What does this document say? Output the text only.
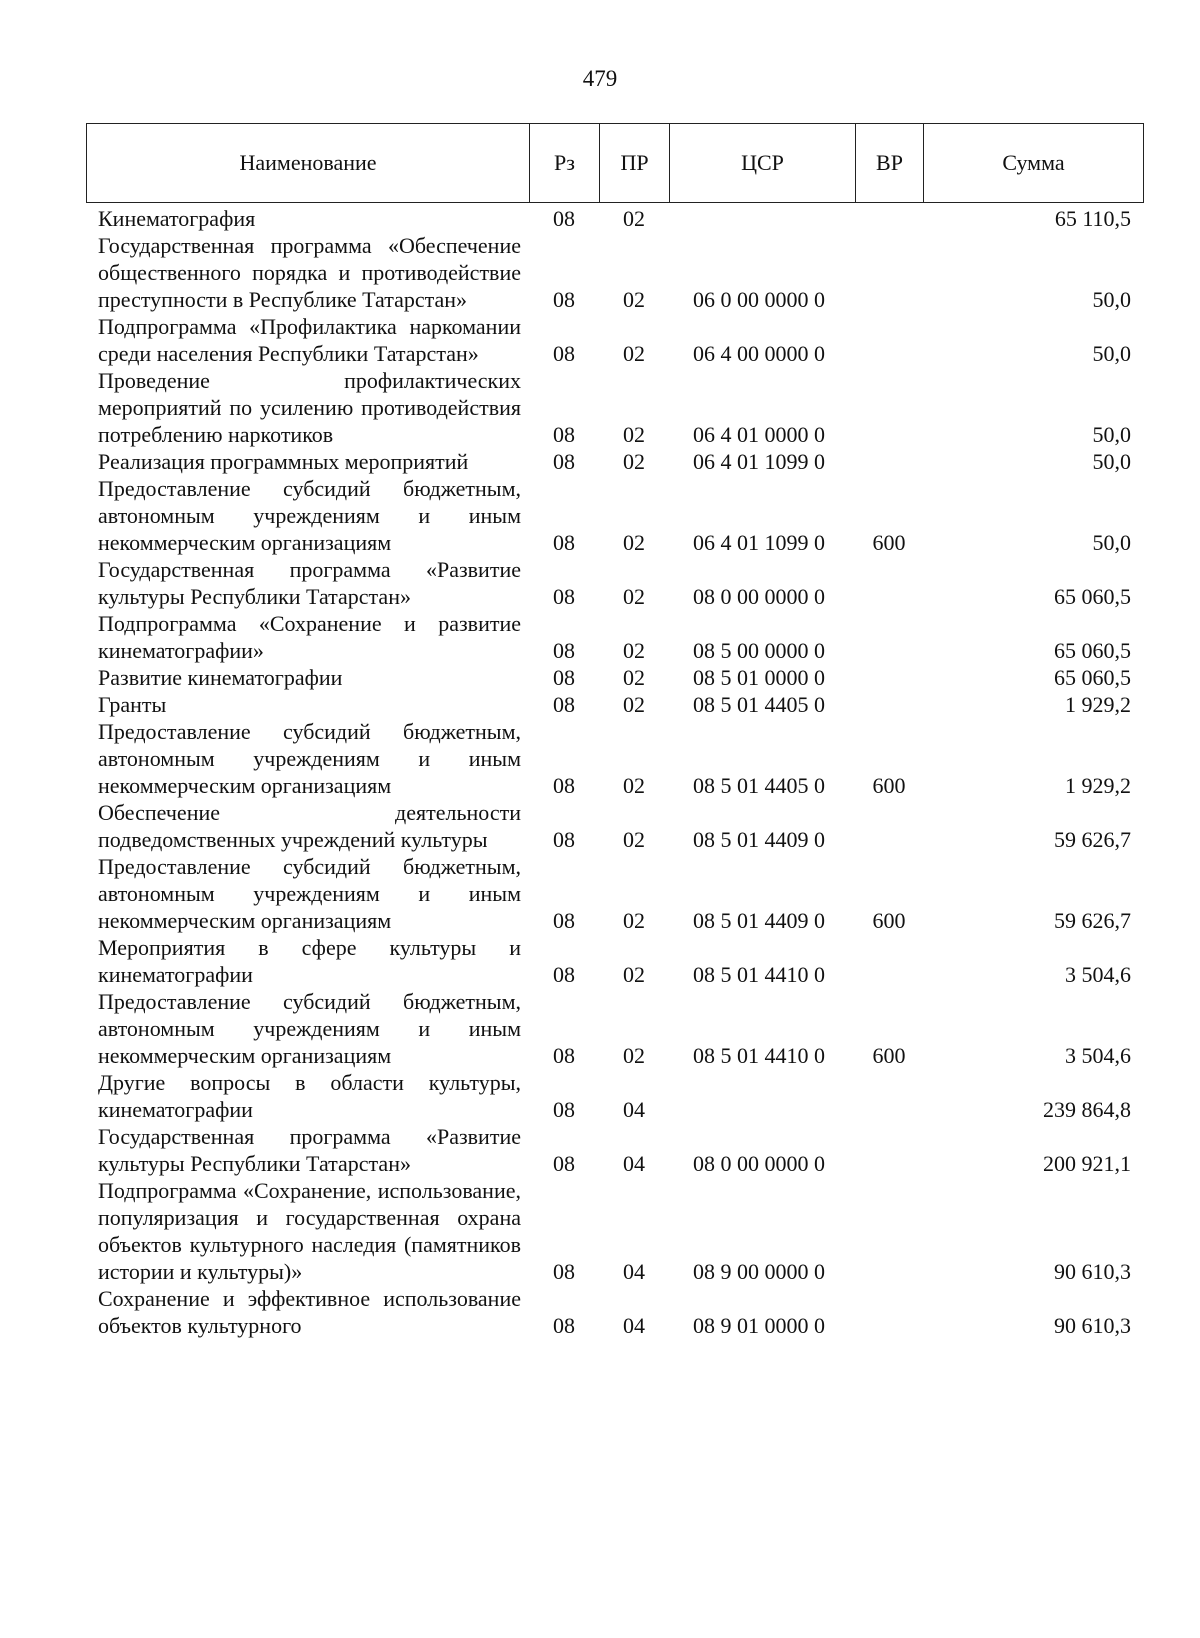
479
Наименование	Рз	ПР	ЦСР	ВР	Сумма
Кинематография	08	02			65 110,5
Государственная программа «Обеспечение общественного порядка и противодействие преступности в Республике Татарстан»	08	02	06 0 00 0000 0		50,0
Подпрограмма «Профилактика наркомании среди населения Республики Татарстан»	08	02	06 4 00 0000 0		50,0
Проведение профилактических мероприятий по усилению противодействия потреблению наркотиков	08	02	06 4 01 0000 0		50,0
Реализация программных мероприятий	08	02	06 4 01 1099 0		50,0
Предоставление субсидий бюджетным, автономным учреждениям и иным некоммерческим организациям	08	02	06 4 01 1099 0	600	50,0
Государственная программа «Развитие культуры Республики Татарстан»	08	02	08 0 00 0000 0		65 060,5
Подпрограмма «Сохранение и развитие кинематографии»	08	02	08 5 00 0000 0		65 060,5
Развитие кинематографии	08	02	08 5 01 0000 0		65 060,5
Гранты	08	02	08 5 01 4405 0		1 929,2
Предоставление субсидий бюджетным, автономным учреждениям и иным некоммерческим организациям	08	02	08 5 01 4405 0	600	1 929,2
Обеспечение деятельности подведомственных учреждений культуры	08	02	08 5 01 4409 0		59 626,7
Предоставление субсидий бюджетным, автономным учреждениям и иным некоммерческим организациям	08	02	08 5 01 4409 0	600	59 626,7
Мероприятия в сфере культуры и кинематографии	08	02	08 5 01 4410 0		3 504,6
Предоставление субсидий бюджетным, автономным учреждениям и иным некоммерческим организациям	08	02	08 5 01 4410 0	600	3 504,6
Другие вопросы в области культуры, кинематографии	08	04			239 864,8
Государственная программа «Развитие культуры Республики Татарстан»	08	04	08 0 00 0000 0		200 921,1
Подпрограмма «Сохранение, использование, популяризация и государственная охрана объектов культурного наследия (памятников истории и культуры)»	08	04	08 9 00 0000 0		90 610,3
Сохранение и эффективное использование объектов культурного	08	04	08 9 01 0000 0		90 610,3
